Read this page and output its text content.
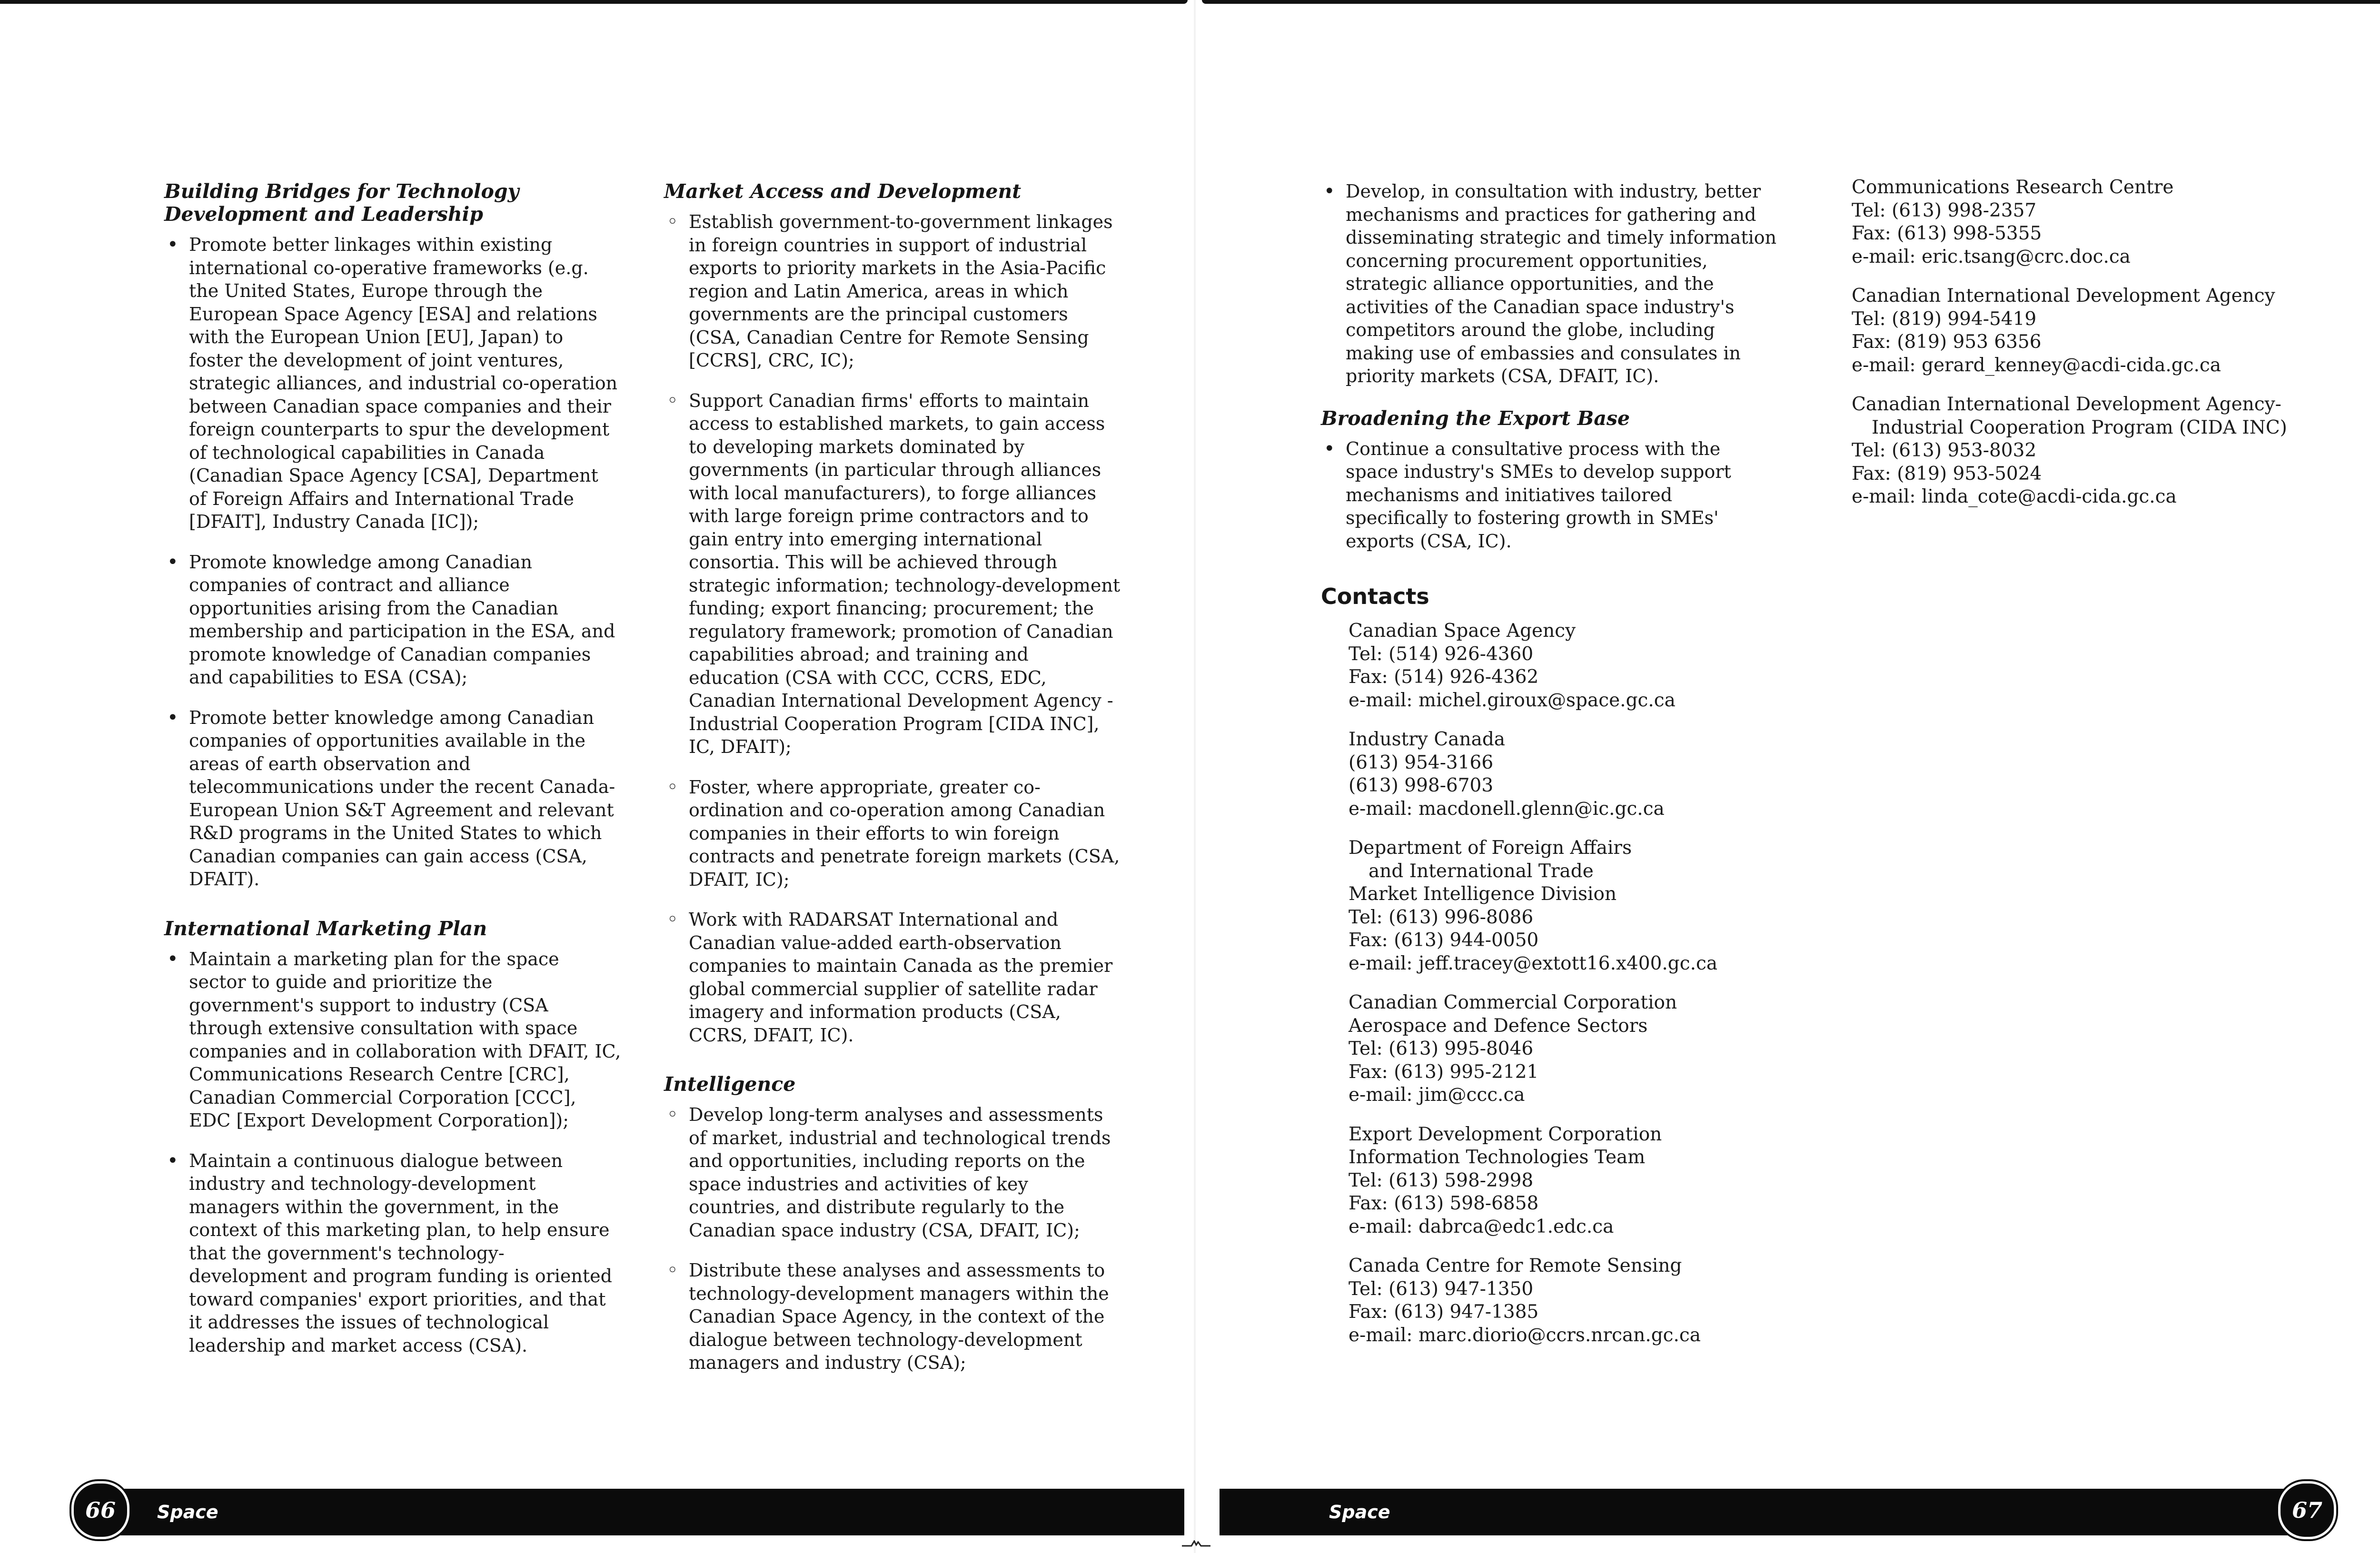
Building Bridges for Technology
Development and Leadership
• Promote better linkages within existing international co-operative frameworks (e.g. the United States, Europe through the European Space Agency [ESA] and relations with the European Union [EU], Japan) to foster the development of joint ventures, strategic alliances, and industrial co-operation between Canadian space companies and their foreign counterparts to spur the development of technological capabilities in Canada (Canadian Space Agency [CSA], Department of Foreign Affairs and International Trade [DFAIT], Industry Canada [IC]);
• Promote knowledge among Canadian companies of contract and alliance opportunities arising from the Canadian membership and participation in the ESA, and promote knowledge of Canadian companies and capabilities to ESA (CSA);
• Promote better knowledge among Canadian companies of opportunities available in the areas of earth observation and telecommunications under the recent Canada-European Union S&T Agreement and relevant R&D programs in the United States to which Canadian companies can gain access (CSA, DFAIT).
International Marketing Plan
• Maintain a marketing plan for the space sector to guide and prioritize the government's support to industry (CSA through extensive consultation with space companies and in collaboration with DFAIT, IC, Communications Research Centre [CRC], Canadian Commercial Corporation [CCC], EDC [Export Development Corporation]);
• Maintain a continuous dialogue between industry and technology-development managers within the government, in the context of this marketing plan, to help ensure that the government's technology-development and program funding is oriented toward companies' export priorities, and that it addresses the issues of technological leadership and market access (CSA).
Market Access and Development
◦ Establish government-to-government linkages in foreign countries in support of industrial exports to priority markets in the Asia-Pacific region and Latin America, areas in which governments are the principal customers (CSA, Canadian Centre for Remote Sensing [CCRS], CRC, IC);
◦ Support Canadian firms' efforts to maintain access to established markets, to gain access to developing markets dominated by governments (in particular through alliances with local manufacturers), to forge alliances with large foreign prime contractors and to gain entry into emerging international consortia. This will be achieved through strategic information; technology-development funding; export financing; procurement; the regulatory framework; promotion of Canadian capabilities abroad; and training and education (CSA with CCC, CCRS, EDC, Canadian International Development Agency - Industrial Cooperation Program [CIDA INC], IC, DFAIT);
◦ Foster, where appropriate, greater co-ordination and co-operation among Canadian companies in their efforts to win foreign contracts and penetrate foreign markets (CSA, DFAIT, IC);
◦ Work with RADARSAT International and Canadian value-added earth-observation companies to maintain Canada as the premier global commercial supplier of satellite radar imagery and information products (CSA, CCRS, DFAIT, IC).
Intelligence
◦ Develop long-term analyses and assessments of market, industrial and technological trends and opportunities, including reports on the space industries and activities of key countries, and distribute regularly to the Canadian space industry (CSA, DFAIT, IC);
◦ Distribute these analyses and assessments to technology-development managers within the Canadian Space Agency, in the context of the dialogue between technology-development managers and industry (CSA);
• Develop, in consultation with industry, better mechanisms and practices for gathering and disseminating strategic and timely information concerning procurement opportunities, strategic alliance opportunities, and the activities of the Canadian space industry's competitors around the globe, including making use of embassies and consulates in priority markets (CSA, DFAIT, IC).
Broadening the Export Base
• Continue a consultative process with the space industry's SMEs to develop support mechanisms and initiatives tailored specifically to fostering growth in SMEs' exports (CSA, IC).
Contacts
Canadian Space Agency
Tel: (514) 926-4360
Fax: (514) 926-4362
e-mail: michel.giroux@space.gc.ca
Industry Canada
(613) 954-3166
(613) 998-6703
e-mail: macdonell.glenn@ic.gc.ca
Department of Foreign Affairs
and International Trade
Market Intelligence Division
Tel: (613) 996-8086
Fax: (613) 944-0050
e-mail: jeff.tracey@extott16.x400.gc.ca
Canadian Commercial Corporation
Aerospace and Defence Sectors
Tel: (613) 995-8046
Fax: (613) 995-2121
e-mail: jim@ccc.ca
Export Development Corporation
Information Technologies Team
Tel: (613) 598-2998
Fax: (613) 598-6858
e-mail: dabrca@edc1.edc.ca
Canada Centre for Remote Sensing
Tel: (613) 947-1350
Fax: (613) 947-1385
e-mail: marc.diorio@ccrs.nrcan.gc.ca
Communications Research Centre
Tel: (613) 998-2357
Fax: (613) 998-5355
e-mail: eric.tsang@crc.doc.ca
Canadian International Development Agency
Tel: (819) 994-5419
Fax: (819) 953 6356
e-mail: gerard_kenney@acdi-cida.gc.ca
Canadian International Development Agency-
Industrial Cooperation Program (CIDA INC)
Tel: (613) 953-8032
Fax: (819) 953-5024
e-mail: linda_cote@acdi-cida.gc.ca
Space
66	Space	67
